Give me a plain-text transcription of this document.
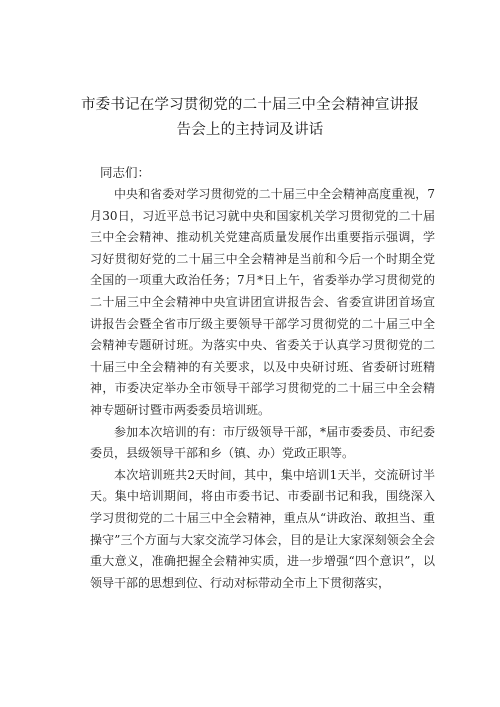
市委书记在学习贯彻党的二十届三中全会精神宣讲报
告会上的主持词及讲话
同志们：

中央和省委对学习贯彻党的二十届三中全会精神高度重视，7月30日，习近平总书记习就中央和国家机关学习贯彻党的二十届三中全会精神、推动机关党建高质量发展作出重要指示强调，学习好贯彻好党的二十届三中全会精神是当前和今后一个时期全党全国的一项重大政治任务；7月*日上午，省委举办学习贯彻党的二十届三中全会精神中央宣讲团宣讲报告会、省委宣讲团首场宣讲报告会暨全省市厅级主要领导干部学习贯彻党的二十届三中全会精神专题研讨班。为落实中央、省委关于认真学习贯彻党的二十届三中全会精神的有关要求，以及中央研讨班、省委研讨班精神，市委决定举办全市领导干部学习贯彻党的二十届三中全会精神专题研讨暨市两委委员培训班。

参加本次培训的有：市厅级领导干部，*届市委委员、市纪委委员，县级领导干部和乡（镇、办）党政正职等。

本次培训班共2天时间，其中，集中培训1天半，交流研讨半天。集中培训期间，将由市委书记、市委副书记和我，围绕深入学习贯彻党的二十届三中全会精神，重点从“讲政治、敢担当、重操守”三个方面与大家交流学习体会，目的是让大家深刻领会全会重大意义，准确把握全会精神实质，进一步增强“四个意识”，以领导干部的思想到位、行动对标带动全市上下贯彻落实，
